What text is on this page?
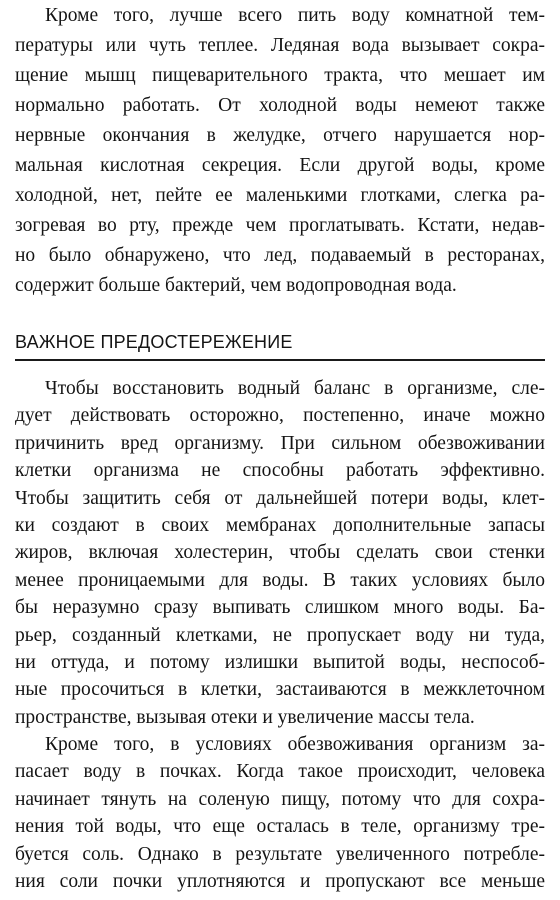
Кроме того, лучше всего пить воду комнатной тем-
пературы или чуть теплее. Ледяная вода вызывает сокра-
щение мышц пищеварительного тракта, что мешает им
нормально работать. От холодной воды немеют также
нервные окончания в желудке, отчего нарушается нор-
мальная кислотная секреция. Если другой воды, кроме
холодной, нет, пейте ее маленькими глотками, слегка ра-
зогревая во рту, прежде чем проглатывать. Кстати, недав-
но было обнаружено, что лед, подаваемый в ресторанах,
содержит больше бактерий, чем водопроводная вода.
ВАЖНОЕ ПРЕДОСТЕРЕЖЕНИЕ
Чтобы восстановить водный баланс в организме, сле-
дует действовать осторожно, постепенно, иначе можно
причинить вред организму. При сильном обезвоживании
клетки организма не способны работать эффективно.
Чтобы защитить себя от дальнейшей потери воды, клет-
ки создают в своих мембранах дополнительные запасы
жиров, включая холестерин, чтобы сделать свои стенки
менее проницаемыми для воды. В таких условиях было
бы неразумно сразу выпивать слишком много воды. Ба-
рьер, созданный клетками, не пропускает воду ни туда,
ни оттуда, и потому излишки выпитой воды, неспособ-
ные просочиться в клетки, застаиваются в межклеточном
пространстве, вызывая отеки и увеличение массы тела.
Кроме того, в условиях обезвоживания организм за-
пасает воду в почках. Когда такое происходит, человека
начинает тянуть на соленую пищу, потому что для сохра-
нения той воды, что еще осталась в теле, организму тре-
буется соль. Однако в результате увеличенного потребле-
ния соли почки уплотняются и пропускают все меньше
